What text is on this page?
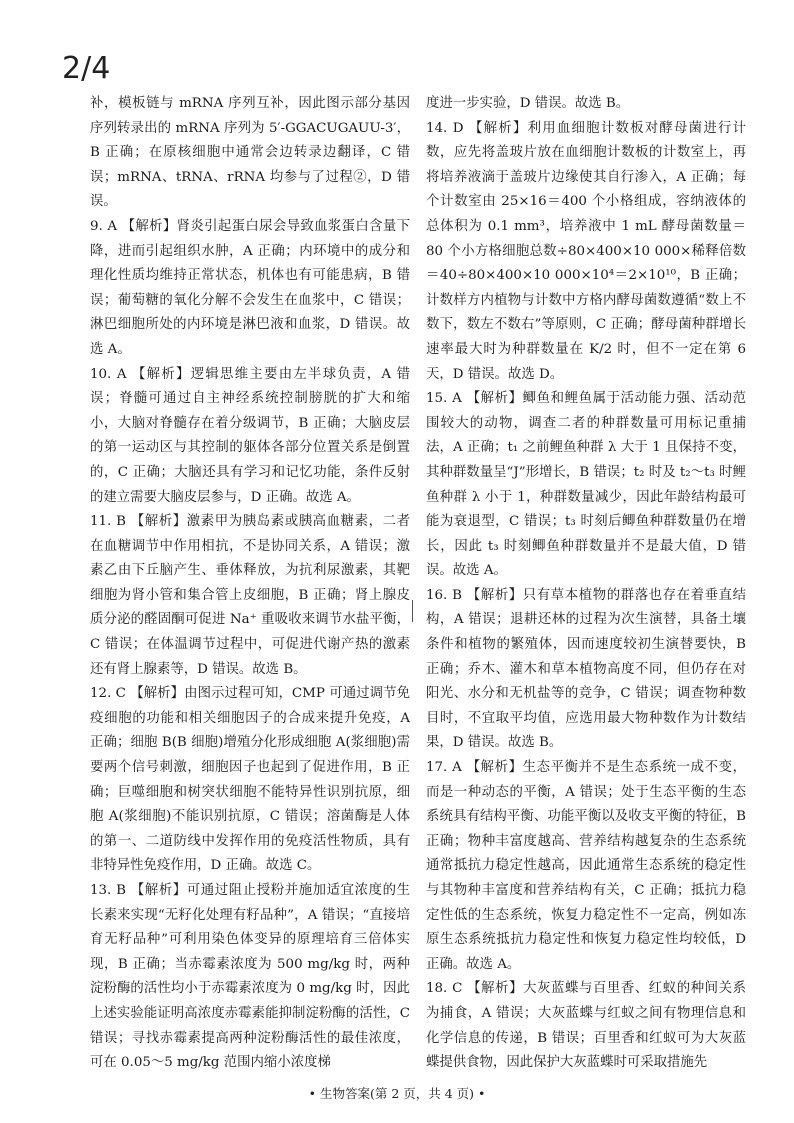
2/4

补，模板链与 mRNA 序列互补，因此图示部分基因序列转录出的 mRNA 序列为 5′-GGACUGAUU-3′，B 正确；在原核细胞中通常会边转录边翻译，C 错误；mRNA、tRNA、rRNA 均参与了过程②，D 错误。

9. A 【解析】肾炎引起蛋白尿会导致血浆蛋白含量下降，进而引起组织水肿，A 正确；内环境中的成分和理化性质均维持正常状态，机体也有可能患病，B 错误；葡萄糖的氧化分解不会发生在血浆中，C 错误；淋巴细胞所处的内环境是淋巴液和血浆，D 错误。故选 A。

10. A 【解析】逻辑思维主要由左半球负责，A 错误；脊髓可通过自主神经系统控制膀胱的扩大和缩小，大脑对脊髓存在着分级调节，B 正确；大脑皮层的第一运动区与其控制的躯体各部分位置关系是倒置的，C 正确；大脑还具有学习和记忆功能，条件反射的建立需要大脑皮层参与，D 正确。故选 A。

11. B 【解析】激素甲为胰岛素或胰高血糖素，二者在血糖调节中作用相抗，不是协同关系，A 错误；激素乙由下丘脑产生、垂体释放，为抗利尿激素，其靶细胞为肾小管和集合管上皮细胞，B 正确；肾上腺皮质分泌的醛固酮可促进 Na⁺ 重吸收来调节水盐平衡，C 错误；在体温调节过程中，可促进代谢产热的激素还有肾上腺素等，D 错误。故选 B。

12. C 【解析】由图示过程可知，CMP 可通过调节免疫细胞的功能和相关细胞因子的合成来提升免疫，A 正确；细胞 B(B 细胞)增殖分化形成细胞 A(浆细胞)需要两个信号刺激，细胞因子也起到了促进作用，B 正确；巨噬细胞和树突状细胞不能特异性识别抗原，细胞 A(浆细胞)不能识别抗原，C 错误；溶菌酶是人体的第一、二道防线中发挥作用的免疫活性物质，具有非特异性免疫作用，D 正确。故选 C。

13. B 【解析】可通过阻止授粉并施加适宜浓度的生长素来实现“无籽化处理有籽品种”，A 错误；“直接培育无籽品种”可利用染色体变异的原理培育三倍体实现，B 正确；当赤霉素浓度为 500 mg/kg 时，两种淀粉酶的活性均小于赤霉素浓度为 0 mg/kg 时，因此上述实验能证明高浓度赤霉素能抑制淀粉酶的活性，C 错误；寻找赤霉素提高两种淀粉酶活性的最佳浓度，可在 0.05～5 mg/kg 范围内缩小浓度梯

度进一步实验，D 错误。故选 B。

14. D 【解析】利用血细胞计数板对酵母菌进行计数，应先将盖玻片放在血细胞计数板的计数室上，再将培养液滴于盖玻片边缘使其自行渗入，A 正确；每个计数室由 25×16＝400 个小格组成，容纳液体的总体积为 0.1 mm³，培养液中 1 mL 酵母菌数量＝80 个小方格细胞总数÷80×400×10 000×稀释倍数＝40÷80×400×10 000×10⁴＝2×10¹⁰，B 正确；计数样方内植物与计数中方格内酵母菌数遵循“数上不数下，数左不数右”等原则，C 正确；酵母菌种群增长速率最大时为种群数量在 K/2 时，但不一定在第 6 天，D 错误。故选 D。

15. A 【解析】鲫鱼和鲤鱼属于活动能力强、活动范围较大的动物，调查二者的种群数量可用标记重捕法，A 正确；t₁ 之前鲤鱼种群 λ 大于 1 且保持不变，其种群数量呈“J”形增长，B 错误；t₂ 时及 t₂～t₃ 时鲤鱼种群 λ 小于 1，种群数量减少，因此年龄结构最可能为衰退型，C 错误；t₃ 时刻后鲫鱼种群数量仍在增长，因此 t₃ 时刻鲫鱼种群数量并不是最大值，D 错误。故选 A。

16. B 【解析】只有草本植物的群落也存在着垂直结构，A 错误；退耕还林的过程为次生演替，具备土壤条件和植物的繁殖体，因而速度较初生演替要快，B 正确；乔木、灌木和草本植物高度不同，但仍存在对阳光、水分和无机盐等的竞争，C 错误；调查物种数目时，不宜取平均值，应选用最大物种数作为计数结果，D 错误。故选 B。

17. A 【解析】生态平衡并不是生态系统一成不变，而是一种动态的平衡，A 错误；处于生态平衡的生态系统具有结构平衡、功能平衡以及收支平衡的特征，B 正确；物种丰富度越高、营养结构越复杂的生态系统通常抵抗力稳定性越高，因此通常生态系统的稳定性与其物种丰富度和营养结构有关，C 正确；抵抗力稳定性低的生态系统，恢复力稳定性不一定高，例如冻原生态系统抵抗力稳定性和恢复力稳定性均较低，D 正确。故选 A。

18. C 【解析】大灰蓝蝶与百里香、红蚁的种间关系为捕食，A 错误；大灰蓝蝶与红蚁之间有物理信息和化学信息的传递，B 错误；百里香和红蚁可为大灰蓝蝶提供食物，因此保护大灰蓝蝶时可采取措施先

• 生物答案(第 2 页，共 4 页) •
